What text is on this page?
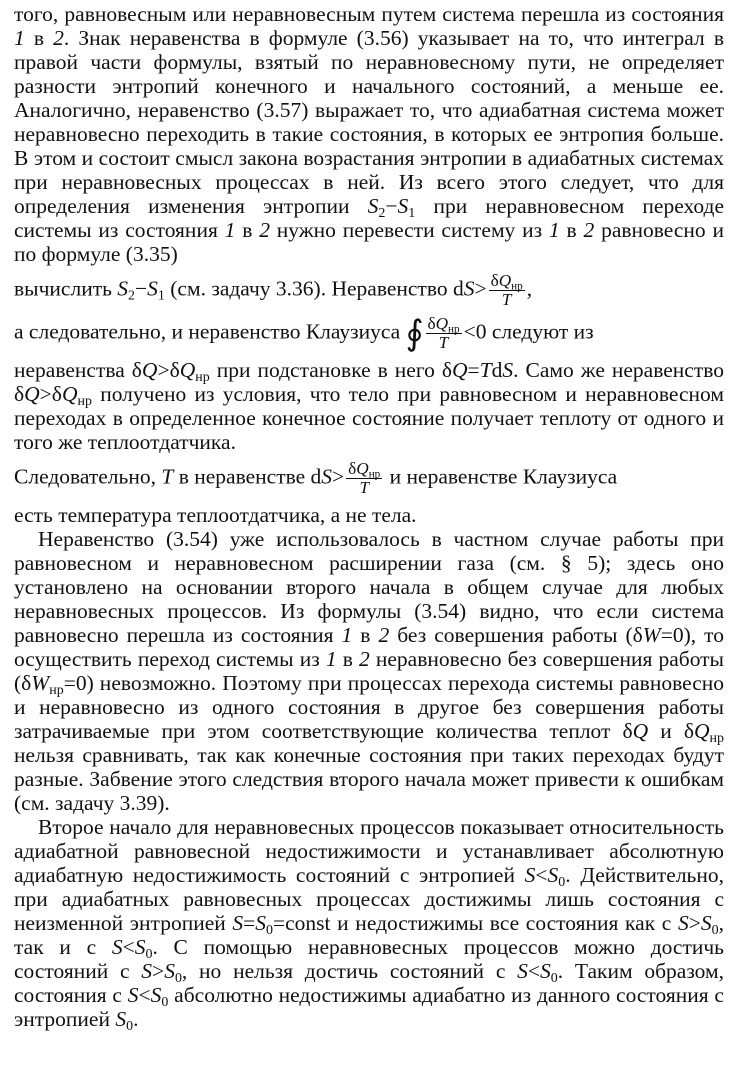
того, равновесным или неравновесным путем система перешла из состояния 1 в 2. Знак неравенства в формуле (3.56) указывает на то, что интеграл в правой части формулы, взятый по неравновесному пути, не определяет разности энтропий конечного и начального состояний, а меньше ее. Аналогично, неравенство (3.57) выражает то, что адиабатная система может неравновесно переходить в такие состояния, в которых ее энтропия больше. В этом и состоит смысл закона возрастания энтропии в адиабатных системах при неравновесных процессах в ней. Из всего этого следует, что для определения изменения энтропии $S_2-S_1$ при неравновесном переходе системы из состояния 1 в 2 нужно перевести систему из 1 в 2 равновесно и по формуле (3.35)

вычислить $S_2-S_1$ (см. задачу 3.36). Неравенство $dS> \frac{\delta Q_{нр}}{T}$ ,

а следовательно, и неравенство Клаузиуса ∮ $\frac{\delta Q_{нр}}{T} <0$ следуют из

неравенства $\delta Q>\delta Q_{нр}$ при подстановке в него δQ=TdS. Само же неравенство $\delta Q>\delta Q_{нр}$ получено из условия, что тело при равновесном и неравновесном переходах в определенное конечное состояние получает теплоту от одного и того же теплоотдатчика.

Следовательно, T в неравенстве $dS> \frac{\delta Q_{нр}}{T}$ и неравенстве Клаузиуса

есть температура теплоотдатчика, а не тела.

Неравенство (3.54) уже использовалось в частном случае работы при равновесном и неравновесном расширении газа (см. § 5); здесь оно установлено на основании второго начала в общем случае для любых неравновесных процессов. Из формулы (3.54) видно, что если система равновесно перешла из состояния 1 в 2 без совершения работы (δW=0), то осуществить переход системы из 1 в 2 неравновесно без совершения работы $(\delta W_{нр}=0)$ невозможно. Поэтому при процессах перехода системы равновесно и неравновесно из одного состояния в другое без совершения работы затрачиваемые при этом соответствующие количества теплот δQ и $\delta Q_{нр}$ нельзя сравнивать, так как конечные состояния при таких переходах будут разные. Забвение этого следствия второго начала может привести к ошибкам (см. задачу 3.39).

Второе начало для неравновесных процессов показывает относительность адиабатной равновесной недостижимости и устанавливает абсолютную адиабатную недостижимость состояний с энтропией $S<S_0$. Действительно, при адиабатных равновесных процессах достижимы лишь состояния с неизменной энтропией $S=S_0=const$ и недостижимы все состояния как с $S>S_0$, так и с $S<S_0$. С помощью неравновесных процессов можно достичь состояний с $S>S_0$, но нельзя достичь состояний с $S<S_0$. Таким образом, состояния с $S<S_0$ абсолютно недостижимы адиабатно из данного состояния с энтропией $S_0$.
